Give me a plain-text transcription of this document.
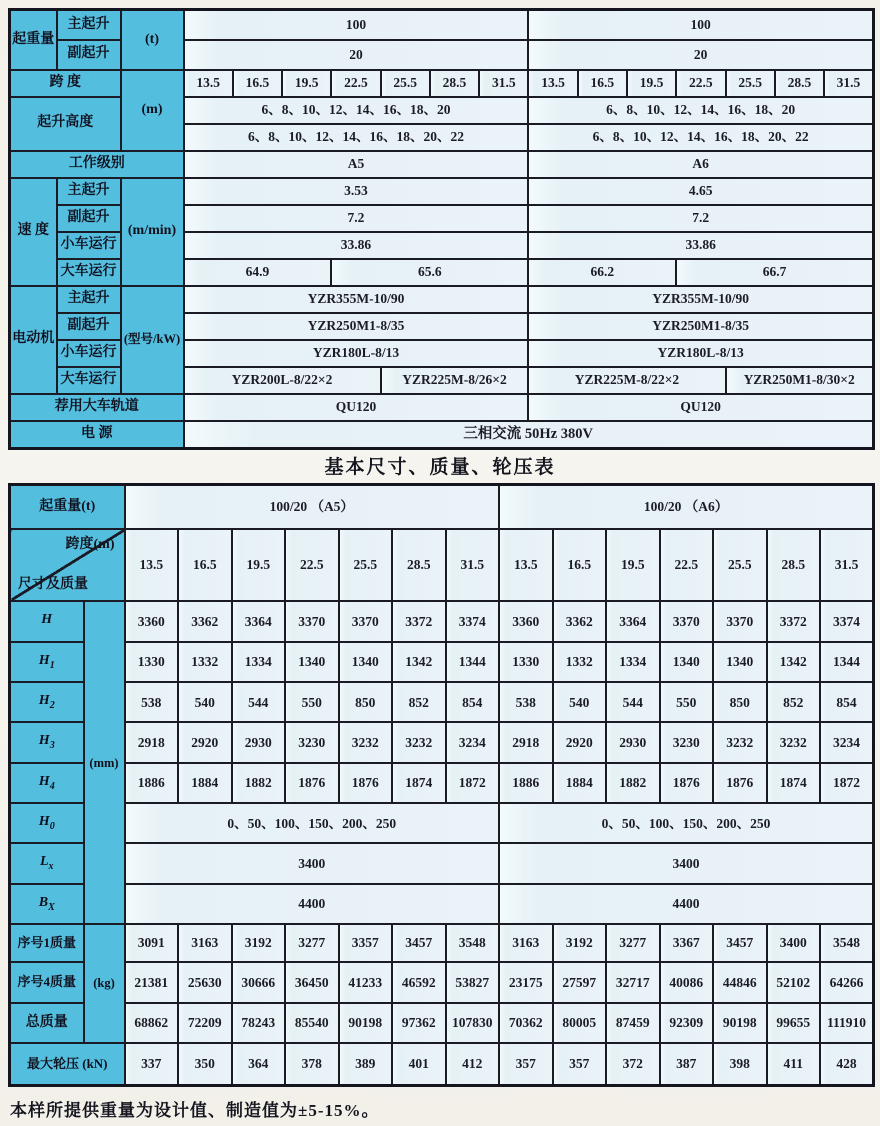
起重量	主起升	(t)	100							100						
	副起升		20							20						
跨 度		(m)	13.5	16.5	19.5	22.5	25.5	28.5	31.5	13.5	16.5	19.5	22.5	25.5	28.5	31.5
起升高度			6、8、10、12、14、16、18、20							6、8、10、12、14、16、18、20						
			6、8、10、12、14、16、18、20、22							6、8、10、12、14、16、18、20、22						
工作级别			A5							A6						
速 度	主起升	(m/min)	3.53							4.65						
	副起升		7.2							7.2						
	小车运行		33.86							33.86						
	大车运行		64.9			65.6				66.2			66.7			
电动机	主起升	(型号/kW)	YZR355M-10/90							YZR355M-10/90						
	副起升		YZR250M1-8/35							YZR250M1-8/35						
	小车运行		YZR180L-8/13							YZR180L-8/13						
	大车运行		YZR200L-8/22×2				YZR225M-8/26×2			YZR225M-8/22×2				YZR250M1-8/30×2		
荐用大车轨道			QU120							QU120						
电 源			三相交流 50Hz 380V													
基本尺寸、质量、轮压表
起重量(t)		100/20 （A5）							100/20 （A6）						

跨度(m)
尺寸及质量		13.5	16.5	19.5	22.5	25.5	28.5	31.5	13.5	16.5	19.5	22.5	25.5	28.5	31.5
H	(mm)	3360	3362	3364	3370	3370	3372	3374	3360	3362	3364	3370	3370	3372	3374
$H_1$		1330	1332	1334	1340	1340	1342	1344	1330	1332	1334	1340	1340	1342	1344
$H_2$		538	540	544	550	850	852	854	538	540	544	550	850	852	854
$H_3$		2918	2920	2930	3230	3232	3232	3234	2918	2920	2930	3230	3232	3232	3234
$H_4$		1886	1884	1882	1876	1876	1874	1872	1886	1884	1882	1876	1876	1874	1872
$H_0$		0、50、100、150、200、250							0、50、100、150、200、250						
$L_x$		3400							3400						
$B_X$		4400							4400						
序号1质量	(kg)	3091	3163	3192	3277	3357	3457	3548	3163	3192	3277	3367	3457	3400	3548
序号4质量		21381	25630	30666	36450	41233	46592	53827	23175	27597	32717	40086	44846	52102	64266
总质量		68862	72209	78243	85540	90198	97362	107830	70362	80005	87459	92309	90198	99655	111910
最大轮压 (kN)		337	350	364	378	389	401	412	357	357	372	387	398	411	428
本样所提供重量为设计值、制造值为±5-15%。
